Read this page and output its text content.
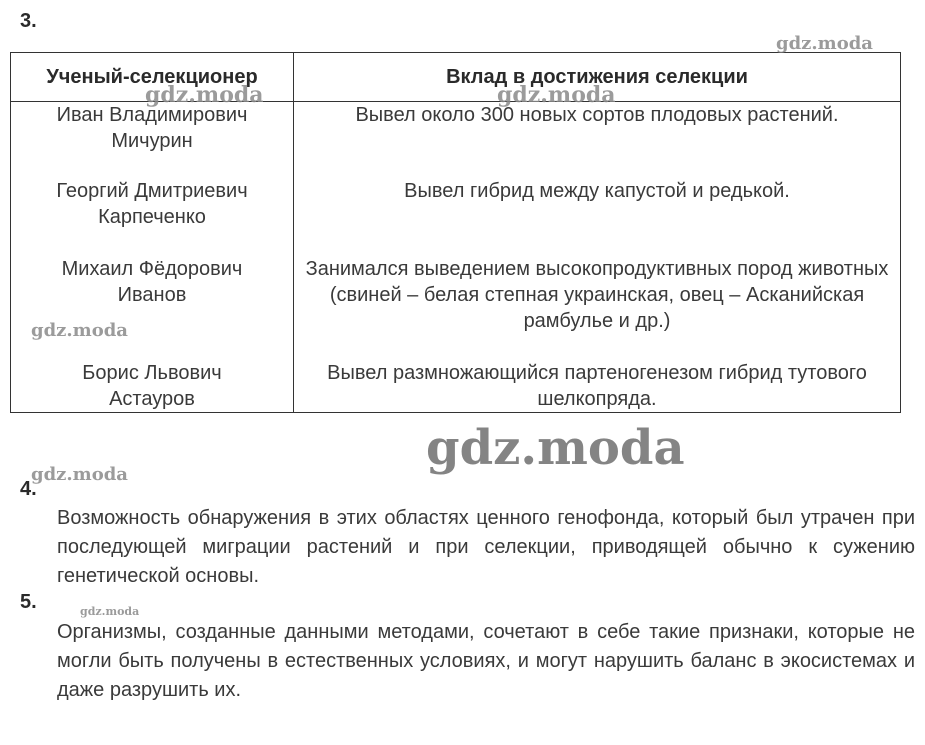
3.
Ученый-селекционер	Вклад в достижения селекции
Иван Владимирович
Мичурин	Вывел около 300 новых сортов плодовых растений.
Георгий Дмитриевич
Карпеченко	Вывел гибрид между капустой и редькой.
Михаил Фёдорович
Иванов	Занимался выведением высокопродуктивных пород животных (свиней – белая степная украинская, овец – Асканийская рамбулье и др.)
Борис Львович
Астауров	Вывел размножающийся партеногенезом гибрид тутового шелкопряда.
4.
Возможность обнаружения в этих областях ценного генофонда, который был утрачен при последующей миграции растений и при селекции, приводящей обычно к сужению генетической основы.
5.
Организмы, созданные данными методами, сочетают в себе такие признаки, которые не могли быть получены в естественных условиях, и могут нарушить баланс в экосистемах и даже разрушить их.
gdz.moda
gdz.moda	gdz.moda
gdz.moda
gdz.moda
gdz.moda
gdz.moda
